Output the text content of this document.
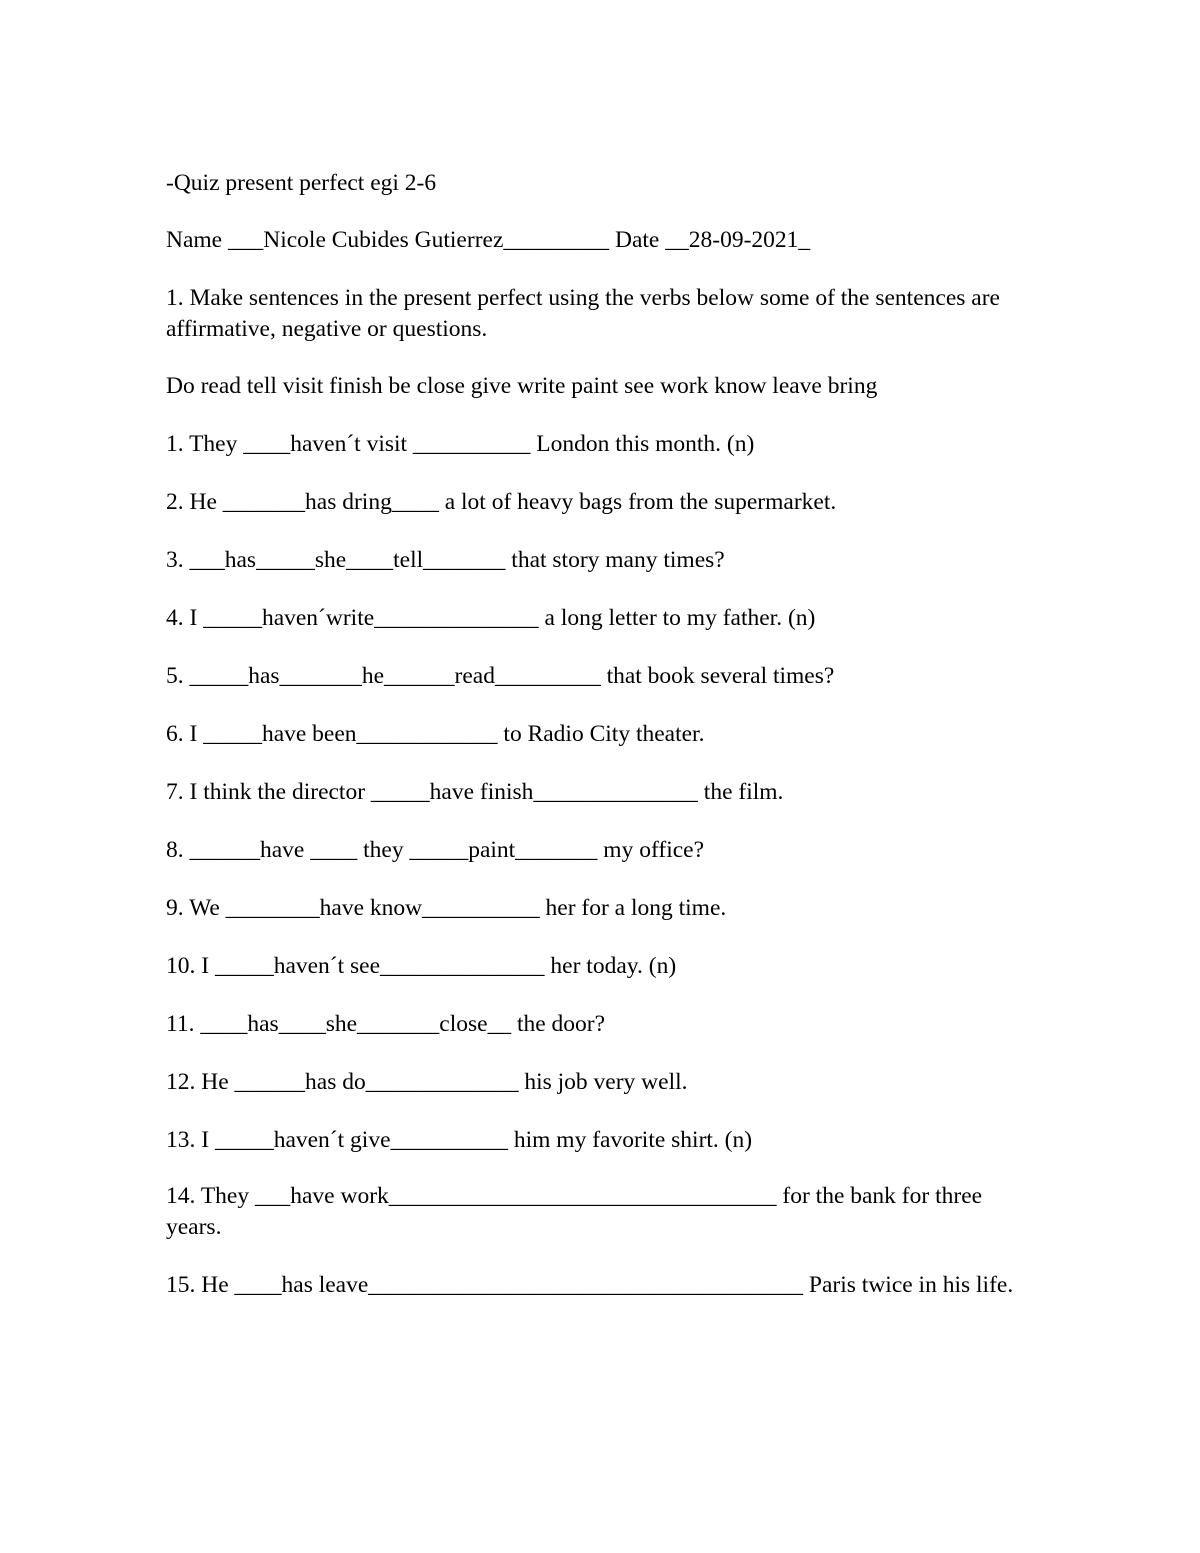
-Quiz present perfect egi 2-6
Name ___Nicole Cubides Gutierrez_________ Date __28-09-2021_
1. Make sentences in the present perfect using the verbs below some of the sentences are affirmative, negative or questions.
Do read tell visit finish be close give write paint see work know leave bring
1. They ____haven´t visit __________ London this month. (n)
2. He _______has dring____ a lot of heavy bags from the supermarket.
3. ___has_____she____tell_______ that story many times?
4. I _____haven´write______________ a long letter to my father. (n)
5. _____has_______he______read_________ that book several times?
6. I _____have been____________ to Radio City theater.
7. I think the director _____have finish______________ the film.
8. ______have ____ they _____paint_______ my office?
9. We ________have know__________ her for a long time.
10. I _____haven´t see______________ her today. (n)
11. ____has____she_______close__ the door?
12. He ______has do_____________ his job very well.
13. I _____haven´t give__________ him my favorite shirt. (n)
14. They ___have work_________________________________ for the bank for three years.
15. He ____has leave_____________________________________ Paris twice in his life.
